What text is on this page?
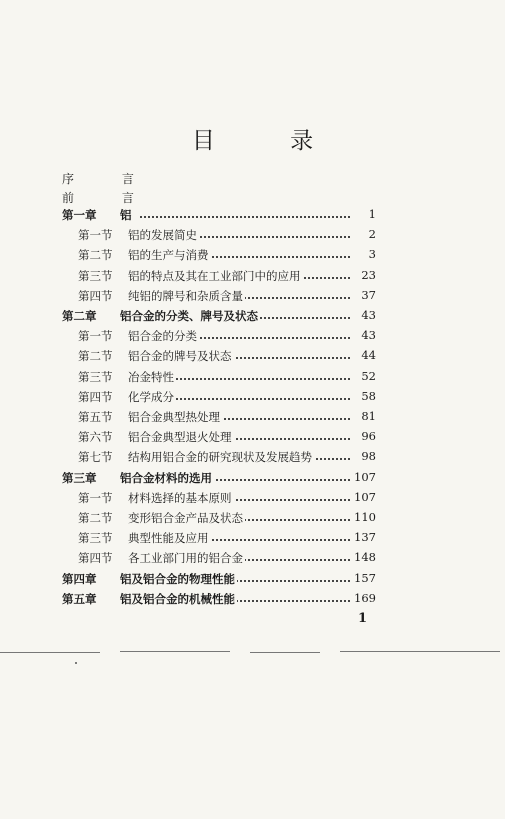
目 录
序 言
前 言
第一章 铝	1
第一节 铝的发展简史	2
第二节 铝的生产与消费	3
第三节 铝的特点及其在工业部门中的应用	23
第四节 纯铝的牌号和杂质含量	37
第二章 铝合金的分类、牌号及状态	43
第一节 铝合金的分类	43
第二节 铝合金的牌号及状态	44
第三节 冶金特性	52
第四节 化学成分	58
第五节 铝合金典型热处理	81
第六节 铝合金典型退火处理	96
第七节 结构用铝合金的研究现状及发展趋势	98
第三章 铝合金材料的选用	107
第一节 材料选择的基本原则	107
第二节 变形铝合金产品及状态	110
第三节 典型性能及应用	137
第四节 各工业部门用的铝合金	148
第四章 铝及铝合金的物理性能	157
第五章 铝及铝合金的机械性能	169
1
